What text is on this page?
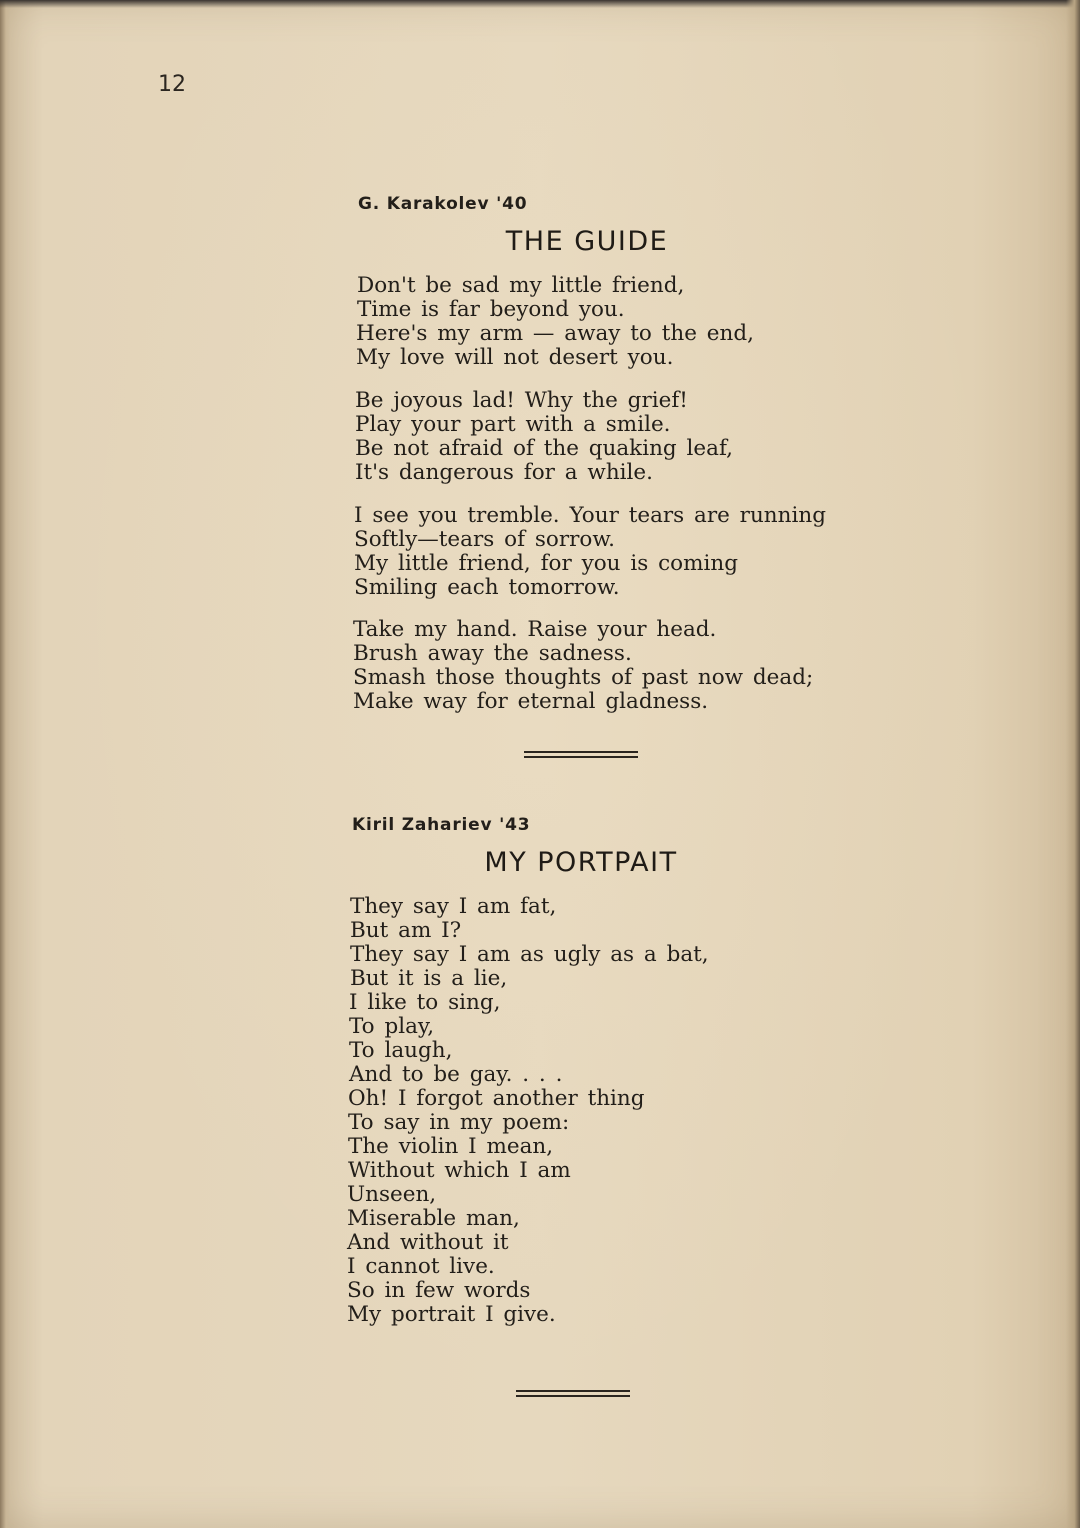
12
G. Karakolev '40
THE GUIDE
Don't be sad my little friend,
Time is far beyond you.
Here's my arm — away to the end,
My love will not desert you.
Be joyous lad! Why the grief!
Play your part with a smile.
Be not afraid of the quaking leaf,
It's dangerous for a while.
I see you tremble. Your tears are running
Softly—tears of sorrow.
My little friend, for you is coming
Smiling each tomorrow.
Take my hand. Raise your head.
Brush away the sadness.
Smash those thoughts of past now dead;
Make way for eternal gladness.
Kiril Zahariev '43
MY PORTPAIT
They say I am fat,
But am I?
They say I am as ugly as a bat,
But it is a lie,
I like to sing,
To play,
To laugh,
And to be gay. . . .
Oh! I forgot another thing
To say in my poem:
The violin I mean,
Without which I am
Unseen,
Miserable man,
And without it
I cannot live.
So in few words
My portrait I give.
